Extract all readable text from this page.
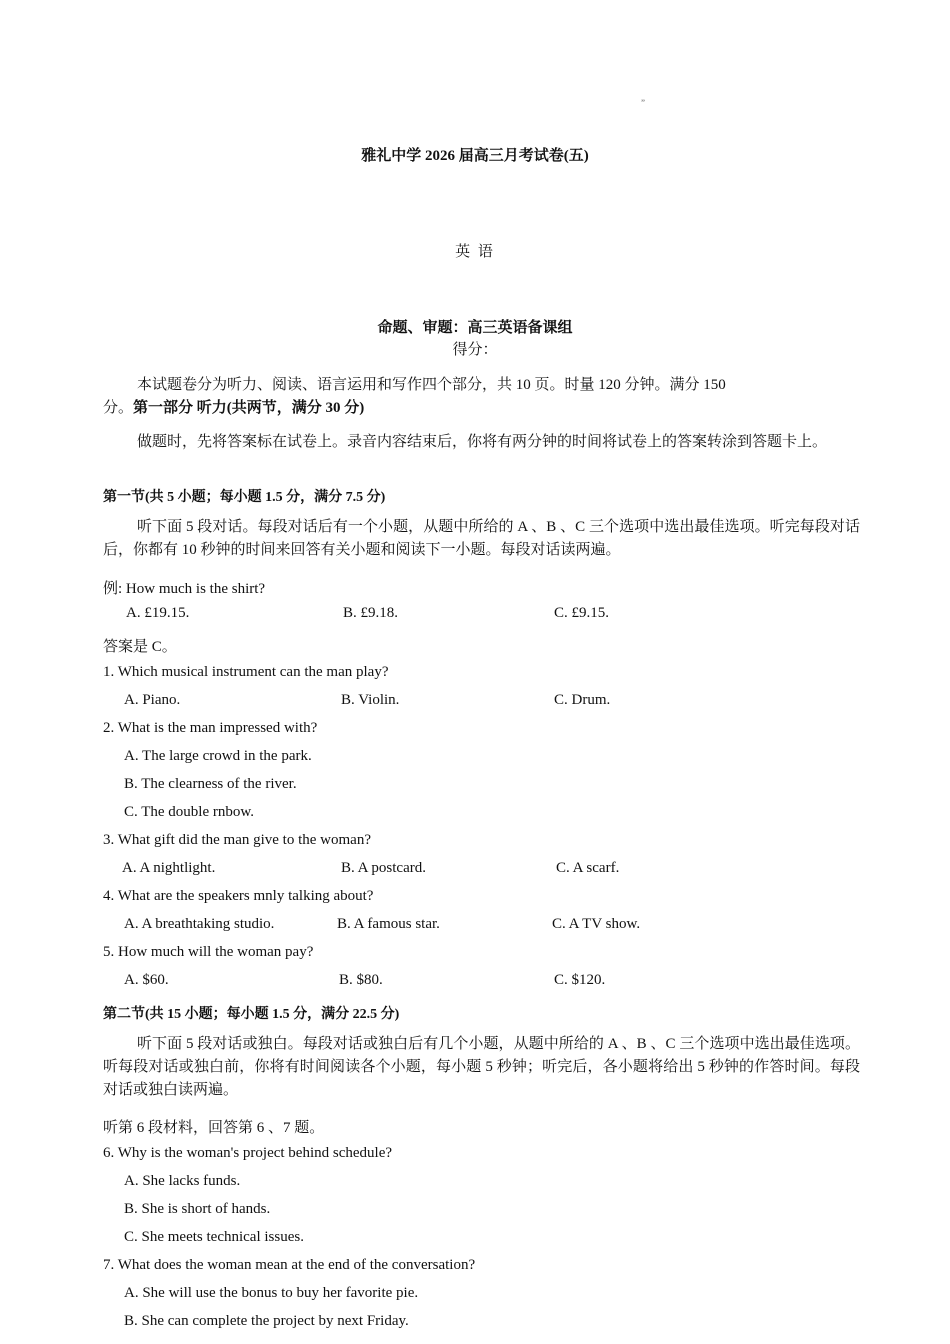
ˮ
雅礼中学 2026 届高三月考试卷(五)
英 语
命题、审题：高三英语备课组
得分：
本试题卷分为听力、阅读、语言运用和写作四个部分，共 10 页。时量 120 分钟。满分 150
分。第一部分 听力(共两节，满分 30 分)
做题时，先将答案标在试卷上。录音内容结束后，你将有两分钟的时间将试卷上的答案转涂到答题卡上。
第一节(共 5 小题；每小题 1.5 分，满分 7.5 分)
听下面 5 段对话。每段对话后有一个小题，从题中所给的 A 、B 、C 三个选项中选出最佳选项。听完每段对话后，你都有 10 秒钟的时间来回答有关小题和阅读下一小题。每段对话读两遍。
例: How much is the shirt?
A. £19.15.	B. £9.18.	C. £9.15.
答案是 C。
1. Which musical instrument can the man play?
A. Piano.	B. Violin.	C. Drum.
2. What is the man impressed with?
A. The large crowd in the park.
B. The clearness of the river.
C. The double rnbow.
3. What gift did the man give to the woman?
A. A nightlight.	B. A postcard.	C. A scarf.
4. What are the speakers mnly talking about?
A. A breathtaking studio.	B. A famous star.	C. A TV show.
5. How much will the woman pay?
A. $60.	B. $80.	C. $120.
第二节(共 15 小题；每小题 1.5 分，满分 22.5 分)
听下面 5 段对话或独白。每段对话或独白后有几个小题，从题中所给的 A 、B 、C 三个选项中选出最佳选项。听每段对话或独白前，你将有时间阅读各个小题，每小题 5 秒钟；听完后，各小题将给出 5 秒钟的作答时间。每段对话或独白读两遍。
听第 6 段材料，回答第 6 、7 题。
6. Why is the woman's project behind schedule?
A. She lacks funds.
B. She is short of hands.
C. She meets technical issues.
7. What does the woman mean at the end of the conversation?
A. She will use the bonus to buy her favorite pie.
B. She can complete the project by next Friday.
